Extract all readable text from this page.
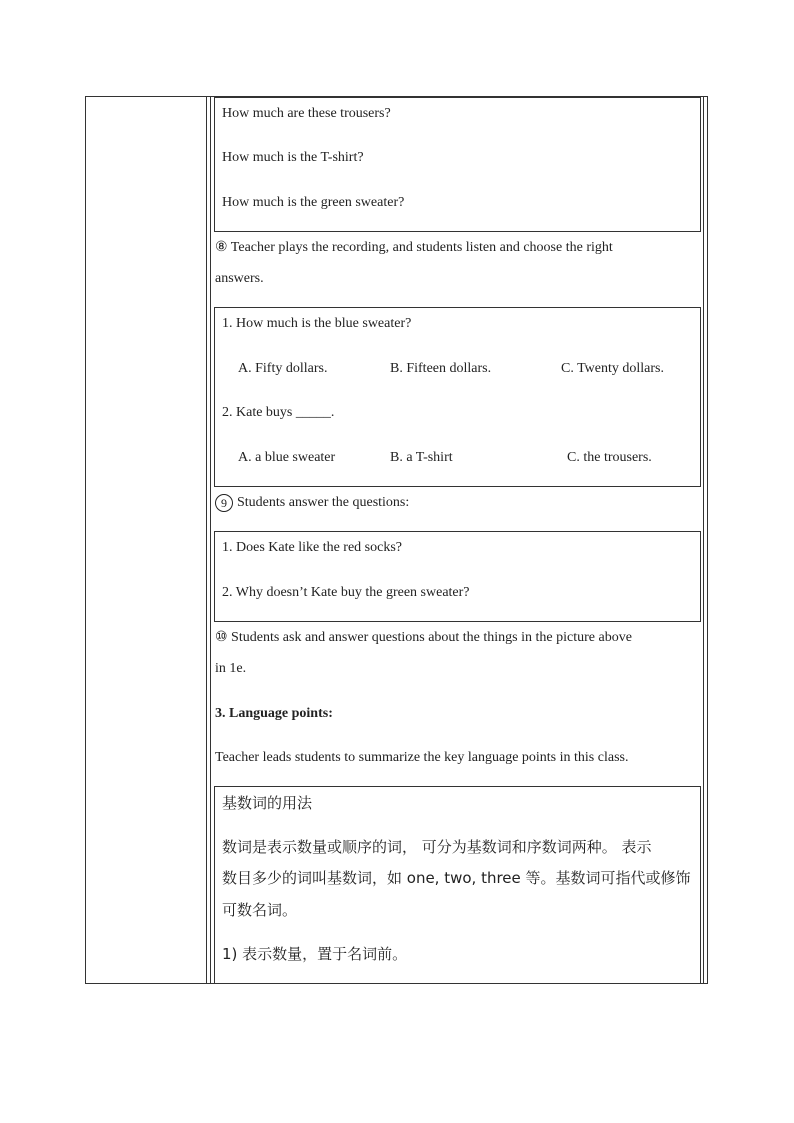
How much are these trousers?
How much is the T-shirt?
How much is the green sweater?
⑧ Teacher plays the recording, and students listen and choose the right
answers.
1. How much is the blue sweater?
A. Fifty dollars.	B. Fifteen dollars.	C. Twenty dollars.
2. Kate buys _____.
A. a blue sweater	B. a T-shirt	C. the trousers.
9 Students answer the questions:
1. Does Kate like the red socks?
2. Why doesn’t Kate buy the green sweater?
⑩ Students ask and answer questions about the things in the picture above
in 1e.
3. Language points:
Teacher leads students to summarize the key language points in this class.
基数词的用法
数词是表示数量或顺序的词， 可分为基数词和序数词两种。 表示
数目多少的词叫基数词，如 one, two, three 等。基数词可指代或修饰
可数名词。
1) 表示数量，置于名词前。
